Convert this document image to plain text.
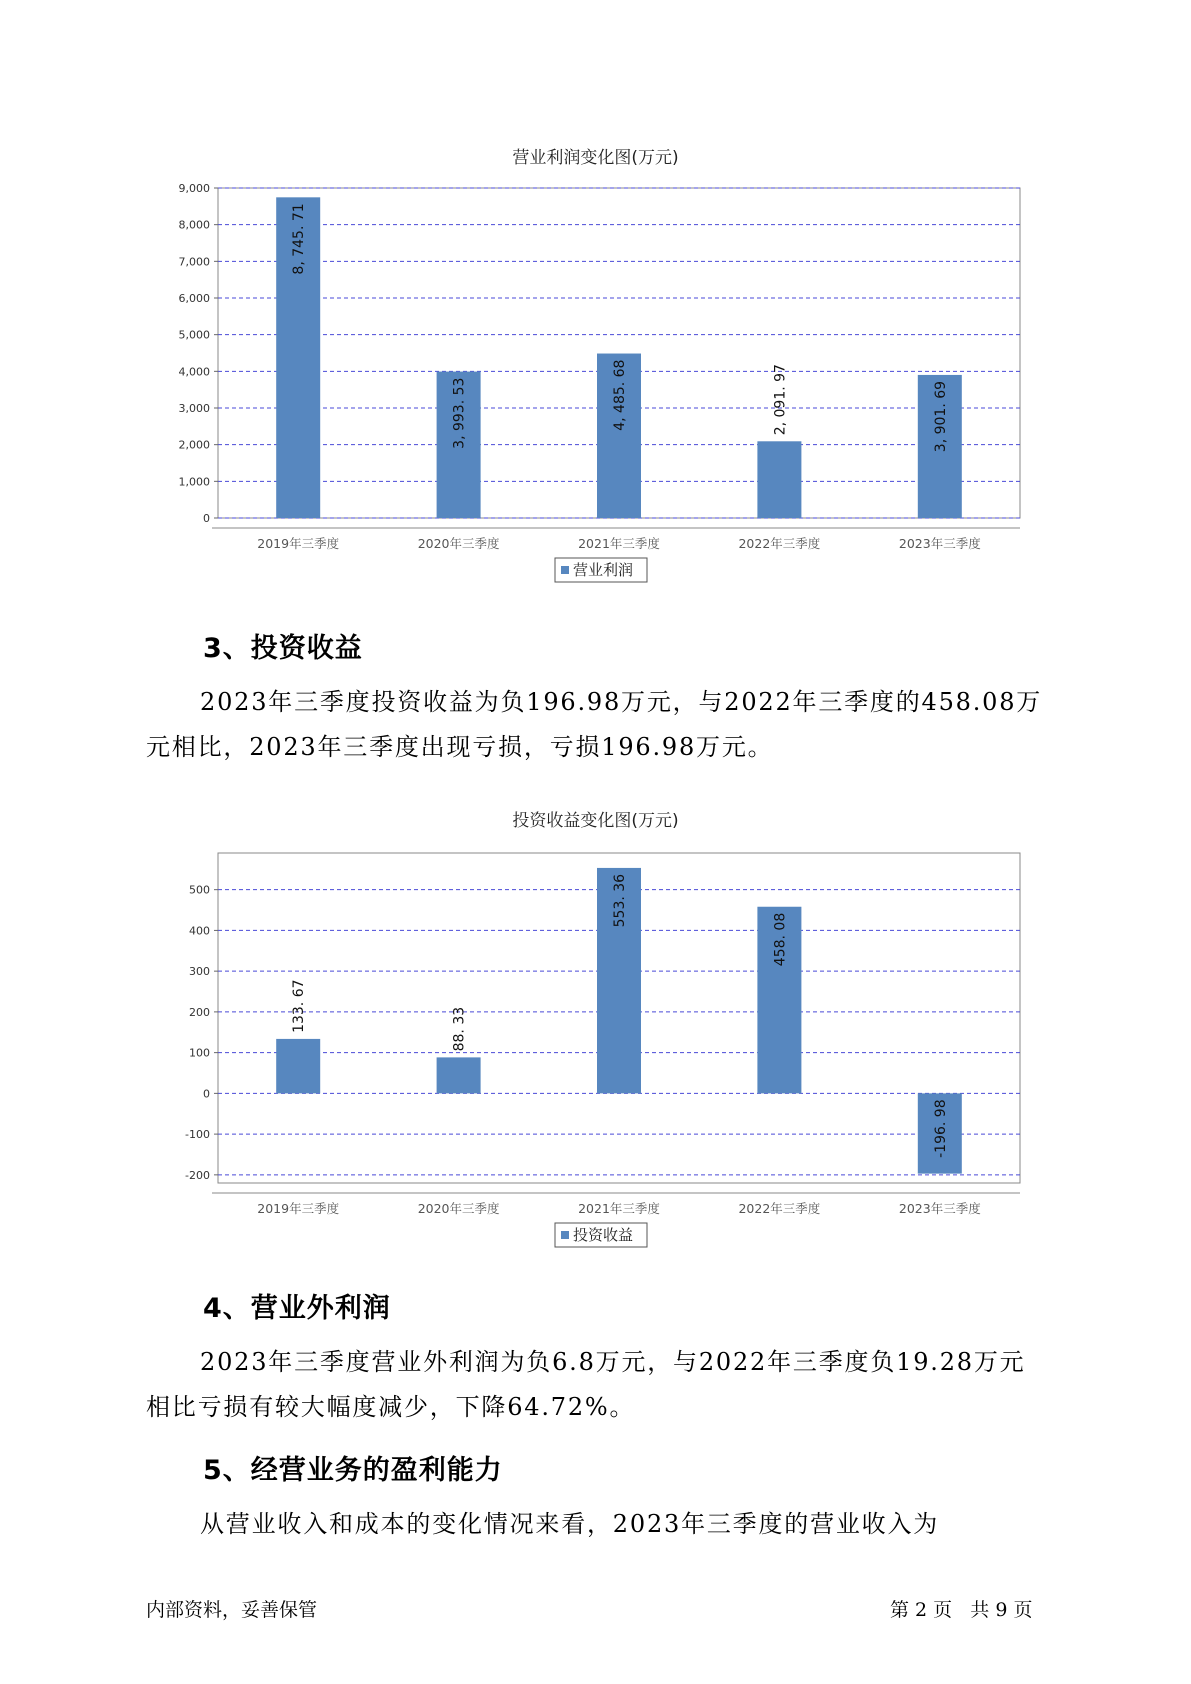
营业利润变化图(万元)
0
1,000
2,000
3,000
4,000
5,000
6,000
7,000
8,000
9,000
8, 745. 71
2019年三季度
3, 993. 53
2020年三季度
4, 485. 68
2021年三季度
2, 091. 97
2022年三季度
3, 901. 69
2023年三季度
营业利润
3、投资收益
2023年三季度投资收益为负196.98万元，与2022年三季度的458.08万
元相比，2023年三季度出现亏损，亏损196.98万元。
投资收益变化图(万元)
-200
-100
0
100
200
300
400
500
133. 67
2019年三季度
88. 33
2020年三季度
553. 36
2021年三季度
458. 08
2022年三季度
-196. 98
2023年三季度
投资收益
4、营业外利润
2023年三季度营业外利润为负6.8万元，与2022年三季度负19.28万元
相比亏损有较大幅度减少，下降64.72%。
5、经营业务的盈利能力
从营业收入和成本的变化情况来看，2023年三季度的营业收入为
内部资料，妥善保管	第 2 页   共 9 页
